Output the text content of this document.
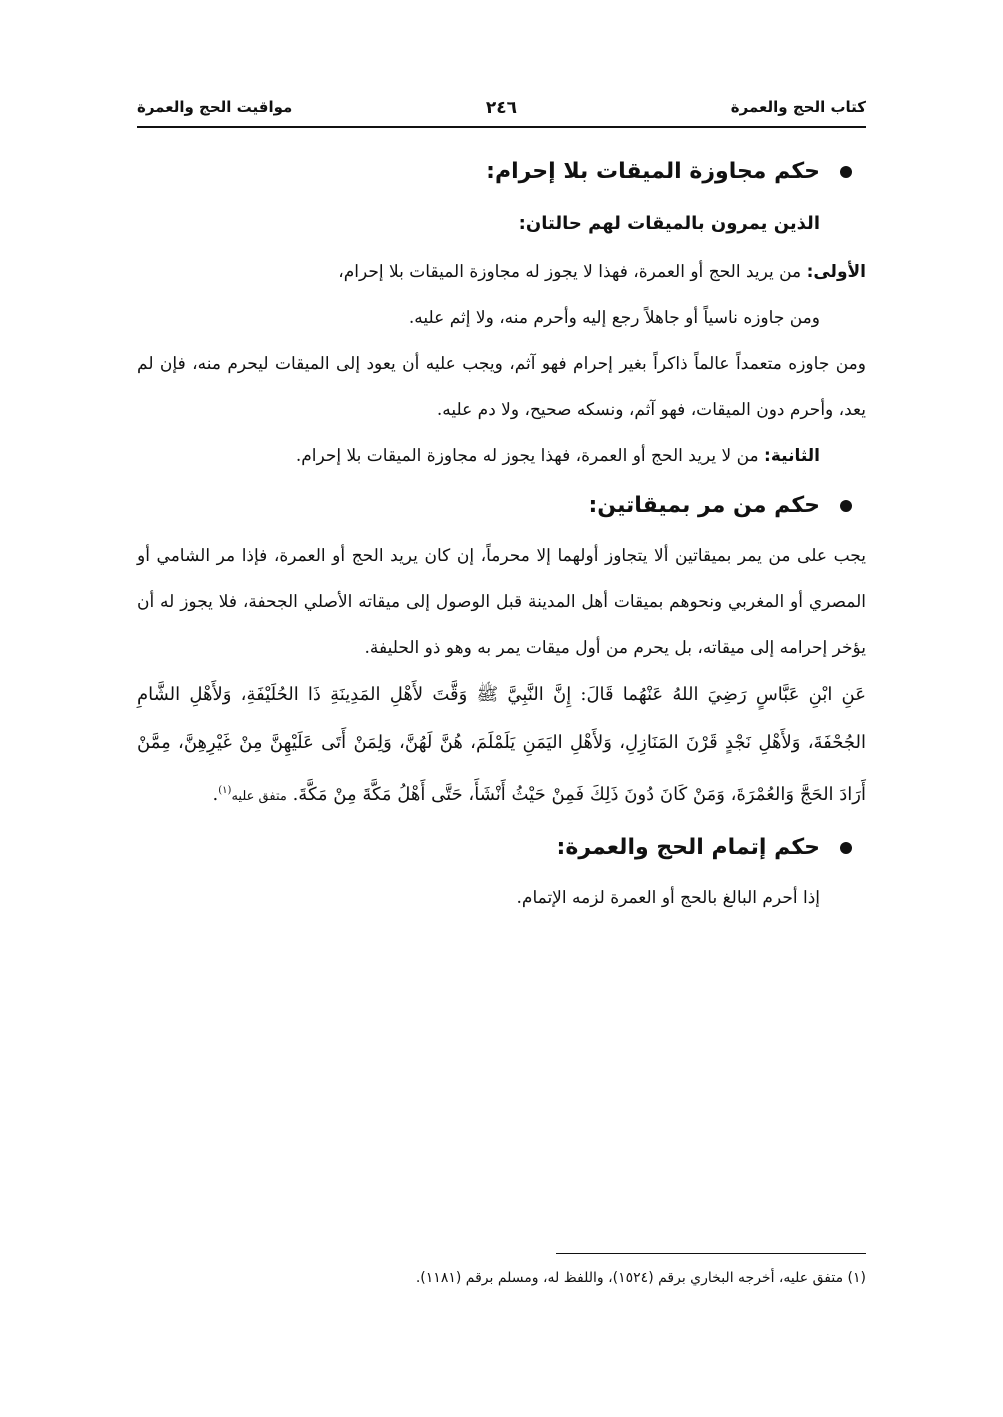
كتاب الحج والعمرة
٢٤٦
مواقيت الحج والعمرة
حكم مجاوزة الميقات بلا إحرام:
الذين يمرون بالميقات لهم حالتان:

الأولى: من يريد الحج أو العمرة، فهذا لا يجوز له مجاوزة الميقات بلا إحرام،

ومن جاوزه ناسياً أو جاهلاً رجع إليه وأحرم منه، ولا إثم عليه.

ومن جاوزه متعمداً عالماً ذاكراً بغير إحرام فهو آثم، ويجب عليه أن يعود إلى الميقات ليحرم منه، فإن لم يعد، وأحرم دون الميقات، فهو آثم، ونسكه صحيح، ولا دم عليه.

الثانية: من لا يريد الحج أو العمرة، فهذا يجوز له مجاوزة الميقات بلا إحرام.

حكم من مر بميقاتين:

يجب على من يمر بميقاتين ألا يتجاوز أولهما إلا محرماً، إن كان يريد الحج أو العمرة، فإذا مر الشامي أو المصري أو المغربي ونحوهم بميقات أهل المدينة قبل الوصول إلى ميقاته الأصلي الجحفة، فلا يجوز له أن يؤخر إحرامه إلى ميقاته، بل يحرم من أول ميقات يمر به وهو ذو الحليفة.

عَنِ ابْنِ عَبَّاسٍ رَضِيَ اللهُ عَنْهُما قَالَ: إِنَّ النَّبِيَّ ﷺ وَقَّتَ لأَهْلِ المَدِينَةِ ذَا الحُلَيْفَةِ، وَلأَهْلِ الشَّامِ الجُحْفَةَ، وَلأَهْلِ نَجْدٍ قَرْنَ المَنَازِلِ، وَلأَهْلِ اليَمَنِ يَلَمْلَمَ، هُنَّ لَهُنَّ، وَلِمَنْ أَتَى عَلَيْهِنَّ مِنْ غَيْرِهِنَّ، مِمَّنْ أَرَادَ الحَجَّ وَالعُمْرَةَ، وَمَنْ كَانَ دُونَ ذَلِكَ فَمِنْ حَيْثُ أَنْشَأَ، حَتَّى أَهْلُ مَكَّةَ مِنْ مَكَّةَ. متفق عليه$^{(١)}$.

حكم إتمام الحج والعمرة:

إذا أحرم البالغ بالحج أو العمرة لزمه الإتمام.

(١) متفق عليه، أخرجه البخاري برقم (١٥٢٤)، واللفظ له، ومسلم برقم (١١٨١).
